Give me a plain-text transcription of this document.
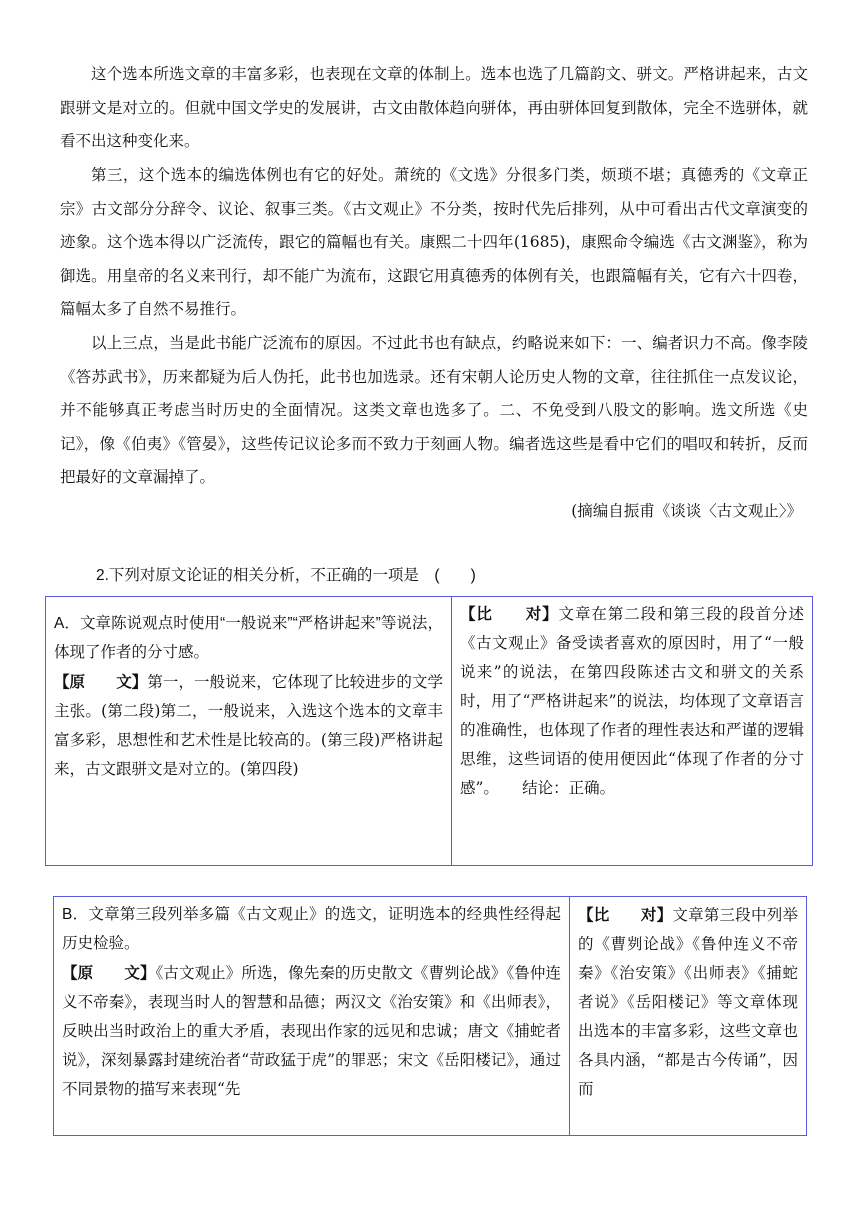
这个选本所选文章的丰富多彩，也表现在文章的体制上。选本也选了几篇韵文、骈文。严格讲起来，古文跟骈文是对立的。但就中国文学史的发展讲，古文由散体趋向骈体，再由骈体回复到散体，完全不选骈体，就看不出这种变化来。

第三，这个选本的编选体例也有它的好处。萧统的《文选》分很多门类，烦琐不堪；真德秀的《文章正宗》古文部分分辞令、议论、叙事三类。《古文观止》不分类，按时代先后排列，从中可看出古代文章演变的迹象。这个选本得以广泛流传，跟它的篇幅也有关。康熙二十四年(1685)，康熙命令编选《古文渊鉴》，称为御选。用皇帝的名义来刊行，却不能广为流布，这跟它用真德秀的体例有关，也跟篇幅有关，它有六十四卷，篇幅太多了自然不易推行。

以上三点，当是此书能广泛流布的原因。不过此书也有缺点，约略说来如下：一、编者识力不高。像李陵《答苏武书》，历来都疑为后人伪托，此书也加选录。还有宋朝人论历史人物的文章，往往抓住一点发议论，并不能够真正考虑当时历史的全面情况。这类文章也选多了。二、不免受到八股文的影响。选文所选《史记》，像《伯夷》《管晏》，这些传记议论多而不致力于刻画人物。编者选这些是看中它们的唱叹和转折，反而把最好的文章漏掉了。

(摘编自振甫《谈谈〈古文观止〉》
2.下列对原文论证的相关分析，不正确的一项是　(　　)

A．文章陈说观点时使用“一般说来”“严格讲起来”等说法，体现了作者的分寸感。

【原　　文】第一，一般说来，它体现了比较进步的文学主张。(第二段)第二，一般说来，入选这个选本的文章丰富多彩，思想性和艺术性是比较高的。(第三段)严格讲起来，古文跟骈文是对立的。(第四段)

【比　　对】文章在第二段和第三段的段首分述《古文观止》备受读者喜欢的原因时，用了“一般说来”的说法，在第四段陈述古文和骈文的关系时，用了“严格讲起来”的说法，均体现了文章语言的准确性，也体现了作者的理性表达和严谨的逻辑思维，这些词语的使用便因此“体现了作者的分寸感”。　　结论：正确。

B．文章第三段列举多篇《古文观止》的选文，证明选本的经典性经得起历史检验。

【原　　文】《古文观止》所选，像先秦的历史散文《曹刿论战》《鲁仲连义不帝秦》，表现当时人的智慧和品德；两汉文《治安策》和《出师表》，反映出当时政治上的重大矛盾，表现出作家的远见和忠诚；唐文《捕蛇者说》，深刻暴露封建统治者“苛政猛于虎”的罪恶；宋文《岳阳楼记》，通过不同景物的描写来表现“先

【比　　对】文章第三段中列举的《曹刿论战》《鲁仲连义不帝秦》《治安策》《出师表》《捕蛇者说》《岳阳楼记》等文章体现出选本的丰富多彩，这些文章也各具内涵，“都是古今传诵”，因而
